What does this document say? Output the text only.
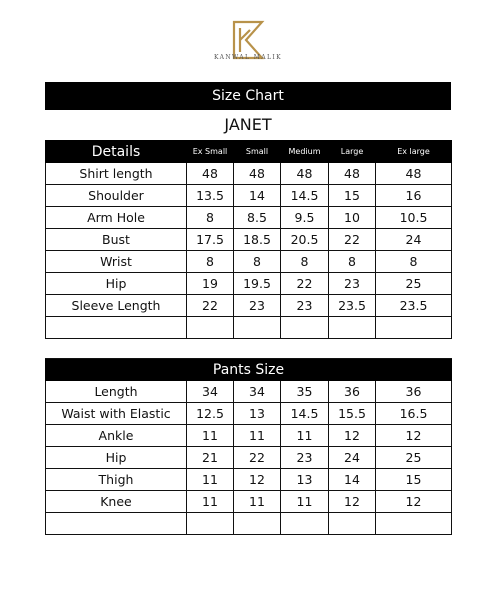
KANWAL MALIK
Size Chart
JANET
Details	Ex Small	Small	Medium	Large	Ex large
Shirt length	48	48	48	48	48
Shoulder	13.5	14	14.5	15	16
Arm Hole	8	8.5	9.5	10	10.5
Bust	17.5	18.5	20.5	22	24
Wrist	8	8	8	8	8
Hip	19	19.5	22	23	25
Sleeve Length	22	23	23	23.5	23.5

Pants Size					
Length	34	34	35	36	36
Waist with Elastic	12.5	13	14.5	15.5	16.5
Ankle	11	11	11	12	12
Hip	21	22	23	24	25
Thigh	11	12	13	14	15
Knee	11	11	11	12	12
